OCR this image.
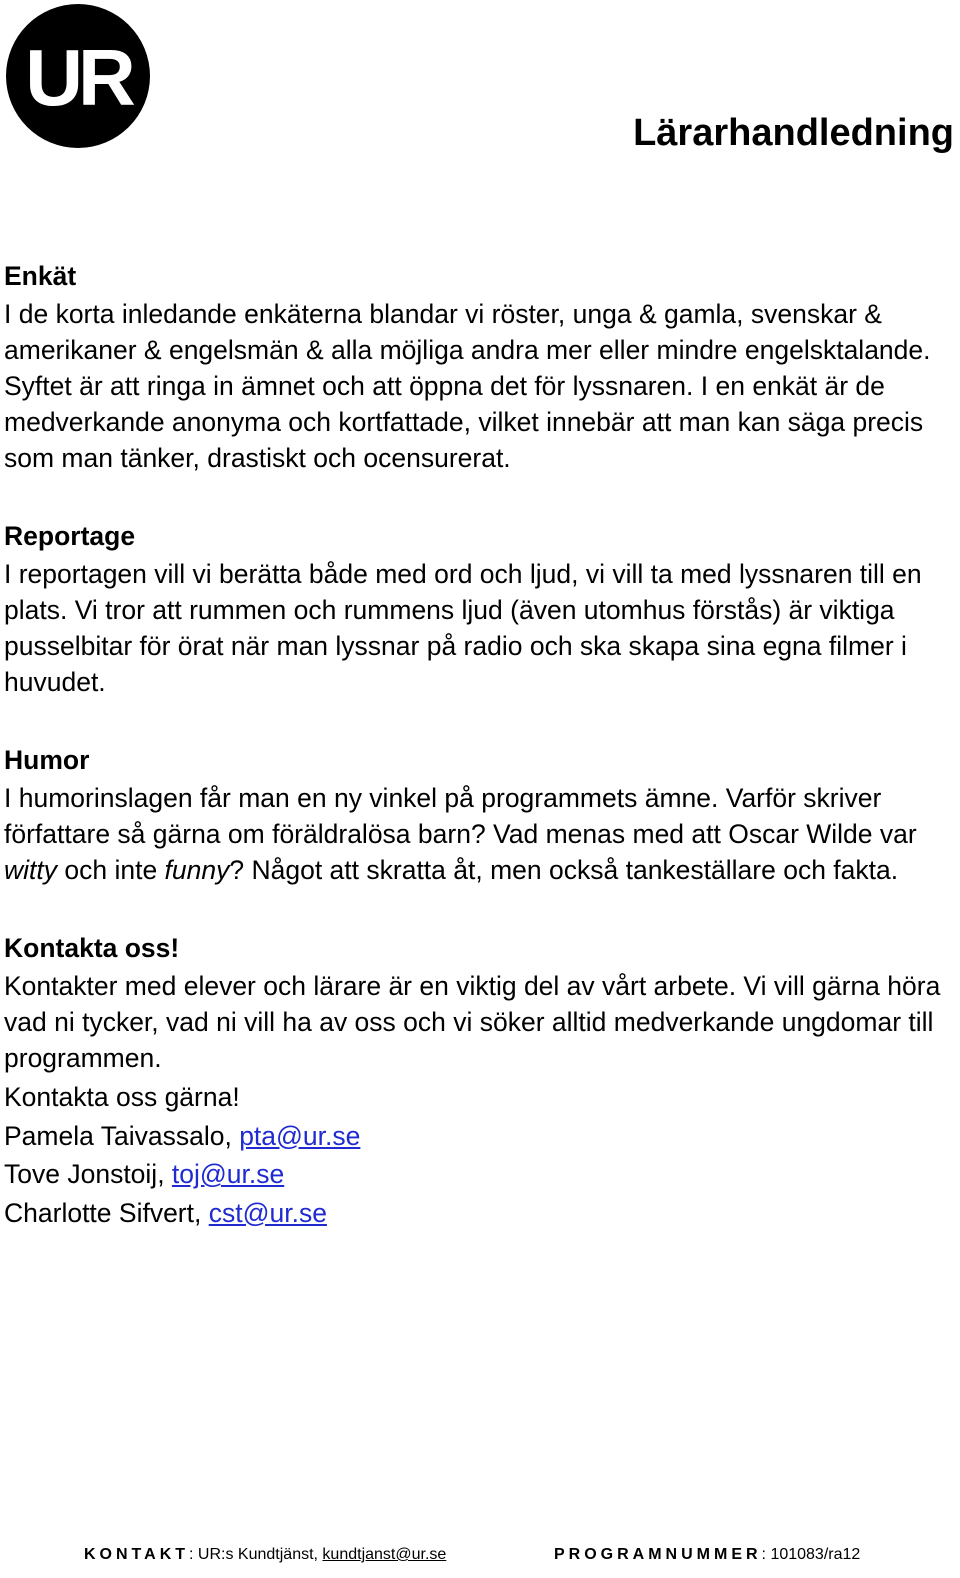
UR
Lärarhandledning
Enkät

I de korta inledande enkäterna blandar vi röster, unga & gamla, svenskar & amerikaner & engelsmän & alla möjliga andra mer eller mindre engelsktalande. Syftet är att ringa in ämnet och att öppna det för lyssnaren. I en enkät är de medverkande anonyma och kortfattade, vilket innebär att man kan säga precis som man tänker, drastiskt och ocensurerat.

Reportage

I reportagen vill vi berätta både med ord och ljud, vi vill ta med lyssnaren till en plats. Vi tror att rummen och rummens ljud (även utomhus förstås) är viktiga pusselbitar för örat när man lyssnar på radio och ska skapa sina egna filmer i huvudet.

Humor

I humorinslagen får man en ny vinkel på programmets ämne. Varför skriver författare så gärna om föräldralösa barn? Vad menas med att Oscar Wilde var witty och inte funny? Något att skratta åt, men också tankeställare och fakta.

Kontakta oss!

Kontakter med elever och lärare är en viktig del av vårt arbete. Vi vill gärna höra vad ni tycker, vad ni vill ha av oss och vi söker alltid medverkande ungdomar till programmen.

Kontakta oss gärna!
Pamela Taivassalo, pta@ur.se
Tove Jonstoij, toj@ur.se
Charlotte Sifvert, cst@ur.se
KONTAKT: UR:s Kundtjänst, kundtjanst@ur.se	PROGRAMNUMMER: 101083/ra12
